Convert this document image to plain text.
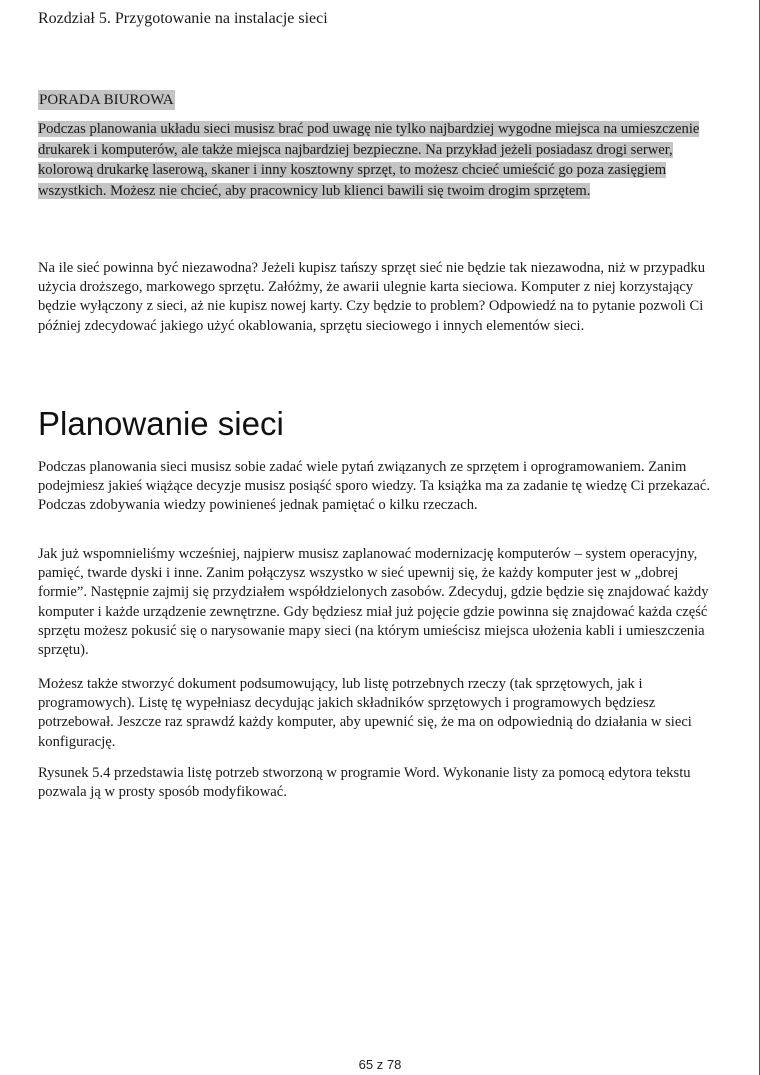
Rozdział 5. Przygotowanie na instalacje sieci
PORADA BIUROWA

Podczas planowania układu sieci musisz brać pod uwagę nie tylko najbardziej wygodne miejsca na umieszczenie drukarek i komputerów, ale także miejsca najbardziej bezpieczne. Na przykład jeżeli posiadasz drogi serwer, kolorową drukarkę laserową, skaner i inny kosztowny sprzęt, to możesz chcieć umieścić go poza zasięgiem wszystkich. Możesz nie chcieć, aby pracownicy lub klienci bawili się twoim drogim sprzętem.

Na ile sieć powinna być niezawodna? Jeżeli kupisz tańszy sprzęt sieć nie będzie tak niezawodna, niż w przypadku użycia droższego, markowego sprzętu. Załóżmy, że awarii ulegnie karta sieciowa. Komputer z niej korzystający będzie wyłączony z sieci, aż nie kupisz nowej karty. Czy będzie to problem? Odpowiedź na to pytanie pozwoli Ci później zdecydować jakiego użyć okablowania, sprzętu sieciowego i innych elementów sieci.

Planowanie sieci

Podczas planowania sieci musisz sobie zadać wiele pytań związanych ze sprzętem i oprogramowaniem. Zanim podejmiesz jakieś wiążące decyzje musisz posiąść sporo wiedzy. Ta książka ma za zadanie tę wiedzę Ci przekazać. Podczas zdobywania wiedzy powinieneś jednak pamiętać o kilku rzeczach.

Jak już wspomnieliśmy wcześniej, najpierw musisz zaplanować modernizację komputerów – system operacyjny, pamięć, twarde dyski i inne. Zanim połączysz wszystko w sieć upewnij się, że każdy komputer jest w „dobrej formie”. Następnie zajmij się przydziałem współdzielonych zasobów. Zdecyduj, gdzie będzie się znajdować każdy komputer i każde urządzenie zewnętrzne. Gdy będziesz miał już pojęcie gdzie powinna się znajdować każda część sprzętu możesz pokusić się o narysowanie mapy sieci (na którym umieścisz miejsca ułożenia kabli i umieszczenia sprzętu).

Możesz także stworzyć dokument podsumowujący, lub listę potrzebnych rzeczy (tak sprzętowych, jak i programowych). Listę tę wypełniasz decydując jakich składników sprzętowych i programowych będziesz potrzebował. Jeszcze raz sprawdź każdy komputer, aby upewnić się, że ma on odpowiednią do działania w sieci konfigurację.

Rysunek 5.4 przedstawia listę potrzeb stworzoną w programie Word. Wykonanie listy za pomocą edytora tekstu pozwala ją w prosty sposób modyfikować.

65 z 78
